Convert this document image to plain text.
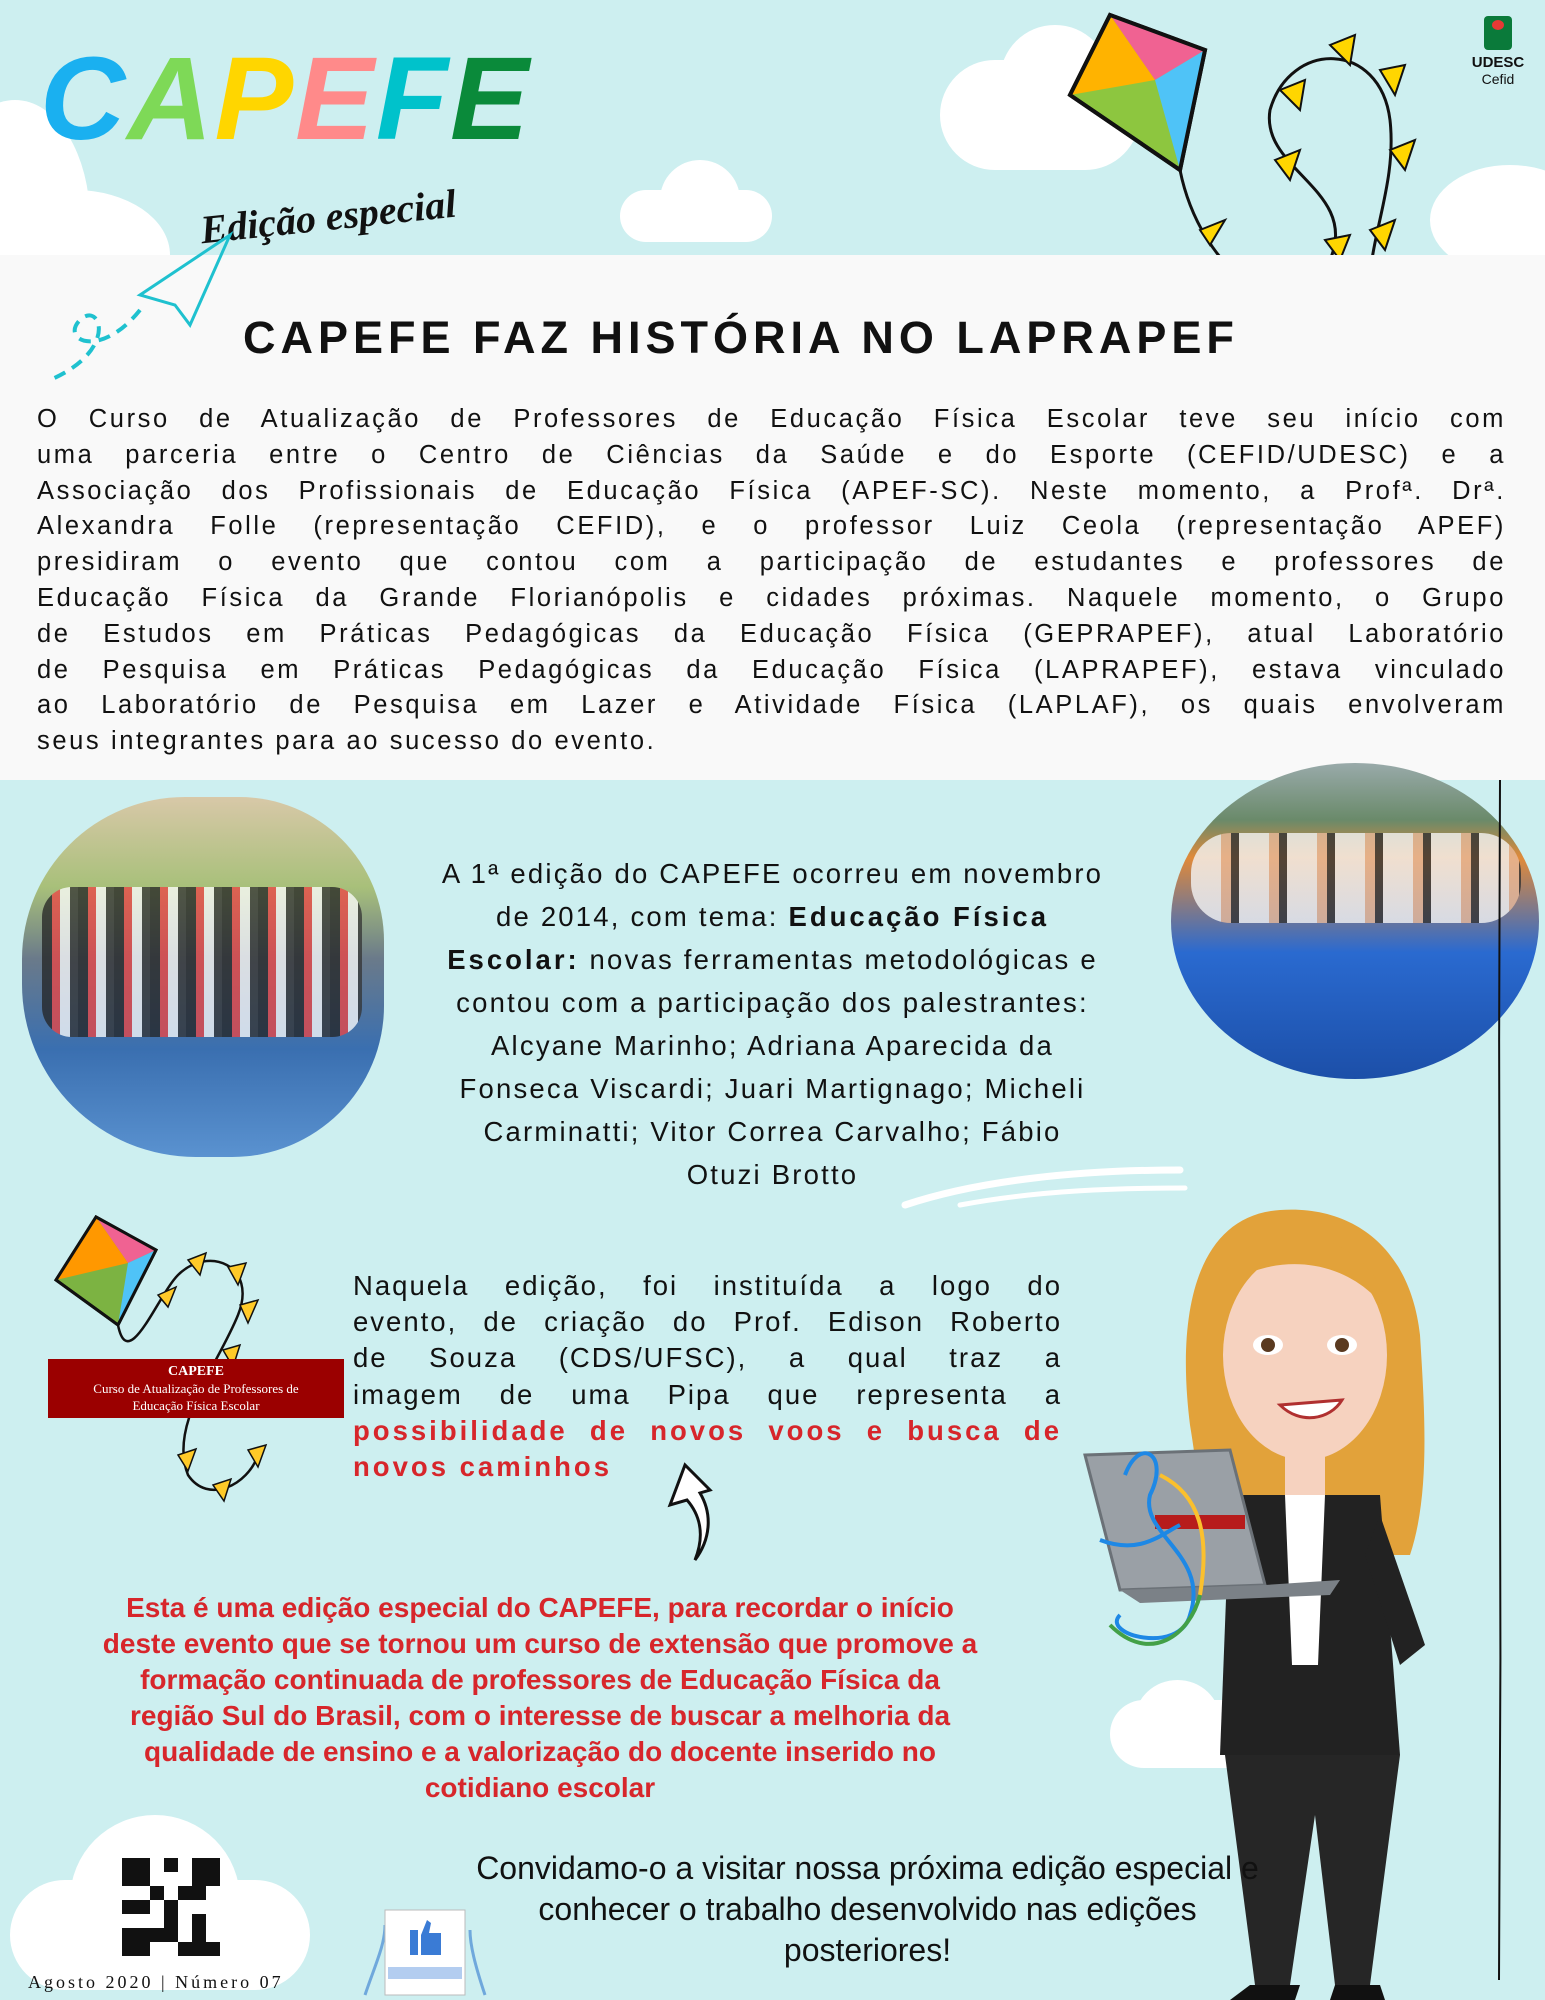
CAPEFE
Edição especial
UDESC
Cefid
CAPEFE FAZ HISTÓRIA NO LAPRAPEF
O Curso de Atualização de Professores de Educação Física Escolar teve seu início com
uma parceria entre o Centro de Ciências da Saúde e do Esporte (CEFID/UDESC) e a
Associação dos Profissionais de Educação Física (APEF-SC). Neste momento, a Profª. Drª.
Alexandra Folle (representação CEFID), e o professor Luiz Ceola (representação APEF)
presidiram o evento que contou com a participação de estudantes e professores de
Educação Física da Grande Florianópolis e cidades próximas. Naquele momento, o Grupo
de Estudos em Práticas Pedagógicas da Educação Física (GEPRAPEF), atual Laboratório
de Pesquisa em Práticas Pedagógicas da Educação Física (LAPRAPEF), estava vinculado
ao Laboratório de Pesquisa em Lazer e Atividade Física (LAPLAF), os quais envolveram
seus integrantes para ao sucesso do evento.
A 1ª edição do CAPEFE ocorreu em novembro
de 2014, com tema: Educação Física
Escolar: novas ferramentas metodológicas e
contou com a participação dos palestrantes:
Alcyane Marinho; Adriana Aparecida da
Fonseca Viscardi; Juari Martignago; Micheli
Carminatti; Vitor Correa Carvalho; Fábio
Otuzi Brotto
CAPEFE
Curso de Atualização de Professores de
Educação Física Escolar
Naquela edição, foi instituída a logo do
evento, de criação do Prof. Edison Roberto
de Souza (CDS/UFSC), a qual traz a
imagem de uma Pipa que representa a
possibilidade de novos voos e busca de
novos caminhos
Esta é uma edição especial do CAPEFE, para recordar o início
deste evento que se tornou um curso de extensão que promove a
formação continuada de professores de Educação Física da
região Sul do Brasil, com o interesse de buscar a melhoria da
qualidade de ensino e a valorização do docente inserido no
cotidiano escolar
Agosto 2020 | Número 07
Convidamo-o a visitar nossa próxima edição especial e
conhecer o trabalho desenvolvido nas edições
posteriores!
